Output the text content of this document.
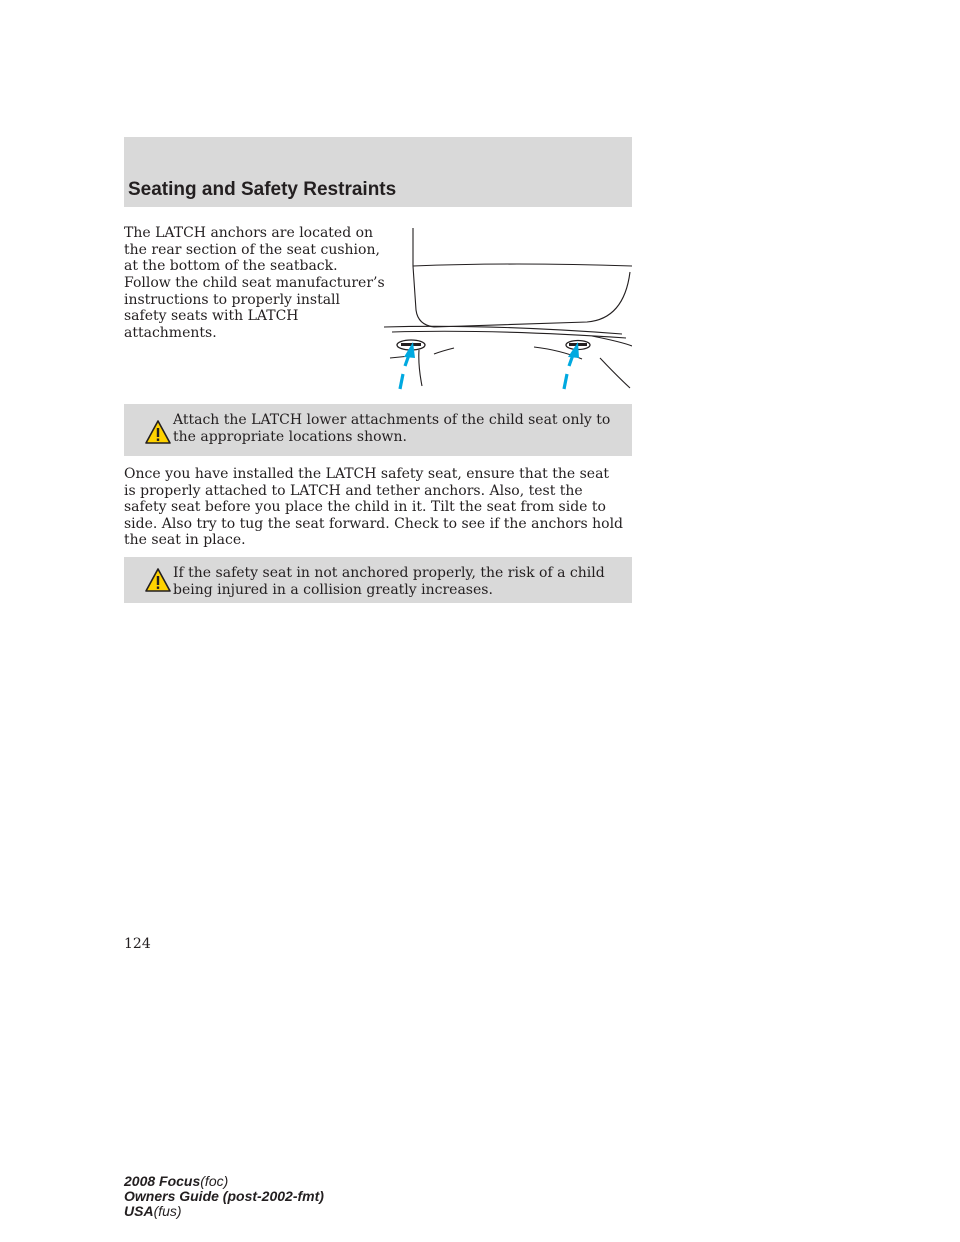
Seating and Safety Restraints

The LATCH anchors are located on the rear section of the seat cushion, at the bottom of the seatback.

Follow the child seat manufacturer’s instructions to properly install safety seats with LATCH attachments.

Attach the LATCH lower attachments of the child seat only to the appropriate locations shown.

Once you have installed the LATCH safety seat, ensure that the seat is properly attached to LATCH and tether anchors. Also, test the safety seat before you place the child in it. Tilt the seat from side to side. Also try to tug the seat forward. Check to see if the anchors hold the seat in place.

If the safety seat in not anchored properly, the risk of a child being injured in a collision greatly increases.

124
2008 Focus(foc)
Owners Guide (post-2002-fmt)
USA(fus)
